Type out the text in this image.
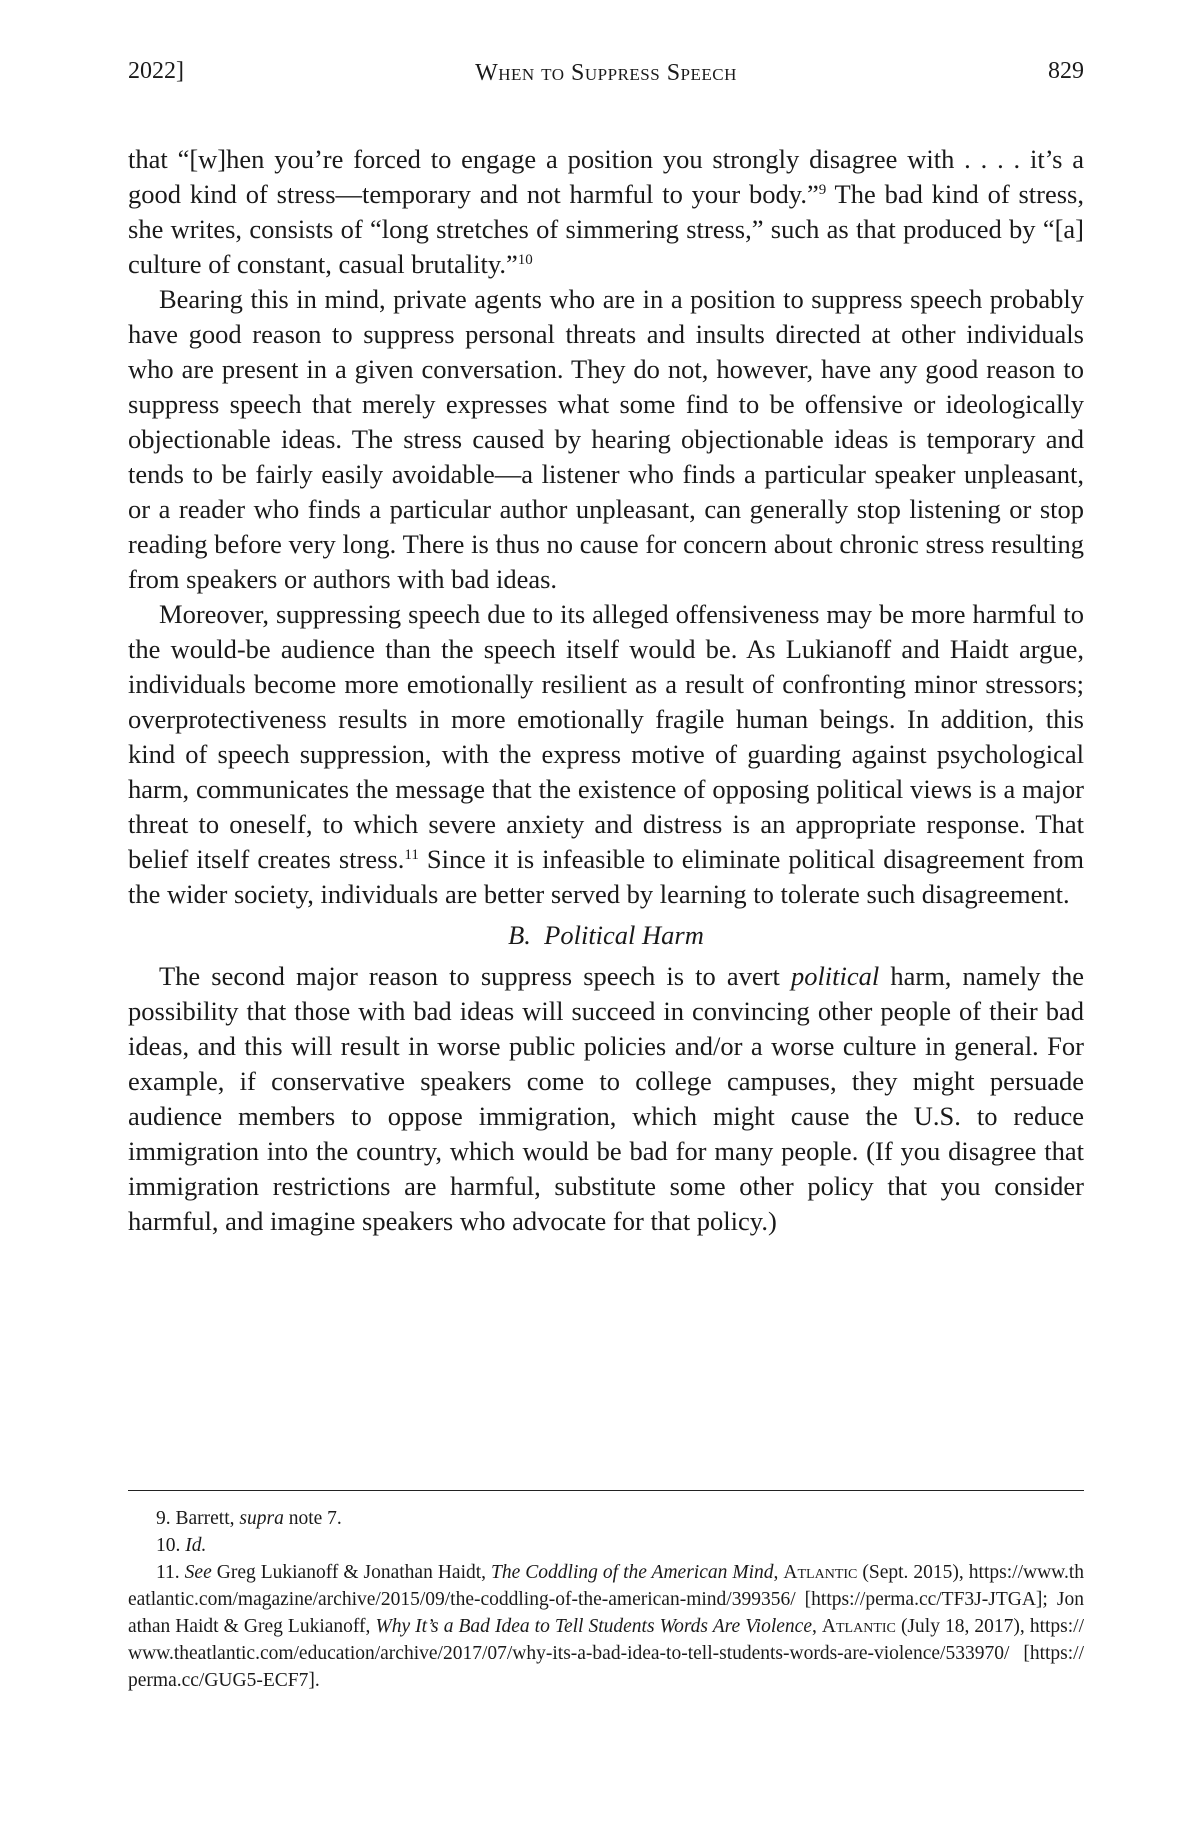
2022]	When to Suppress Speech	829

that “[w]hen you’re forced to engage a position you strongly disagree with . . . . it’s a good kind of stress—temporary and not harmful to your body.”$^9$ The bad kind of stress, she writes, consists of “long stretches of simmering stress,” such as that produced by “[a] culture of constant, casual brutality.”$^{10}$

Bearing this in mind, private agents who are in a position to suppress speech probably have good reason to suppress personal threats and insults directed at other individuals who are present in a given conversation. They do not, however, have any good reason to suppress speech that merely expresses what some find to be offensive or ideologically objectionable ideas. The stress caused by hearing objectionable ideas is temporary and tends to be fairly easily avoidable—a listener who finds a particular speaker unpleasant, or a reader who finds a particular author unpleasant, can generally stop listening or stop reading before very long. There is thus no cause for concern about chronic stress resulting from speakers or authors with bad ideas.

Moreover, suppressing speech due to its alleged offensiveness may be more harmful to the would-be audience than the speech itself would be. As Lukianoff and Haidt argue, individuals become more emotionally resilient as a result of confronting minor stressors; overprotectiveness results in more emotionally fragile human beings. In addition, this kind of speech suppression, with the express motive of guarding against psychological harm, communicates the message that the existence of opposing political views is a major threat to oneself, to which severe anxiety and distress is an appropriate response. That belief itself creates stress.$^{11}$ Since it is infeasible to eliminate political disagreement from the wider society, individuals are better served by learning to tolerate such disagreement.

B. Political Harm

The second major reason to suppress speech is to avert political harm, namely the possibility that those with bad ideas will succeed in convincing other people of their bad ideas, and this will result in worse public policies and/or a worse culture in general. For example, if conservative speakers come to college campuses, they might persuade audience members to oppose immigration, which might cause the U.S. to reduce immigration into the country, which would be bad for many people. (If you disagree that immigration restrictions are harmful, substitute some other policy that you consider harmful, and imagine speakers who advocate for that policy.)

9. Barrett, supra note 7.

10. Id.

11. See Greg Lukianoff & Jonathan Haidt, The Coddling of the American Mind, Atlantic (Sept. 2015), https://www.theatlantic.com/magazine/archive/2015/09/the-coddling-of-the-american-mind/399356/ [https://perma.cc/TF3J-JTGA]; Jonathan Haidt & Greg Lukianoff, Why It’s a Bad Idea to Tell Students Words Are Violence, Atlantic (July 18, 2017), https://www.theatlantic.com/education/archive/2017/07/why-its-a-bad-idea-to-tell-students-words-are-violence/533970/ [https://perma.cc/GUG5-ECF7].
